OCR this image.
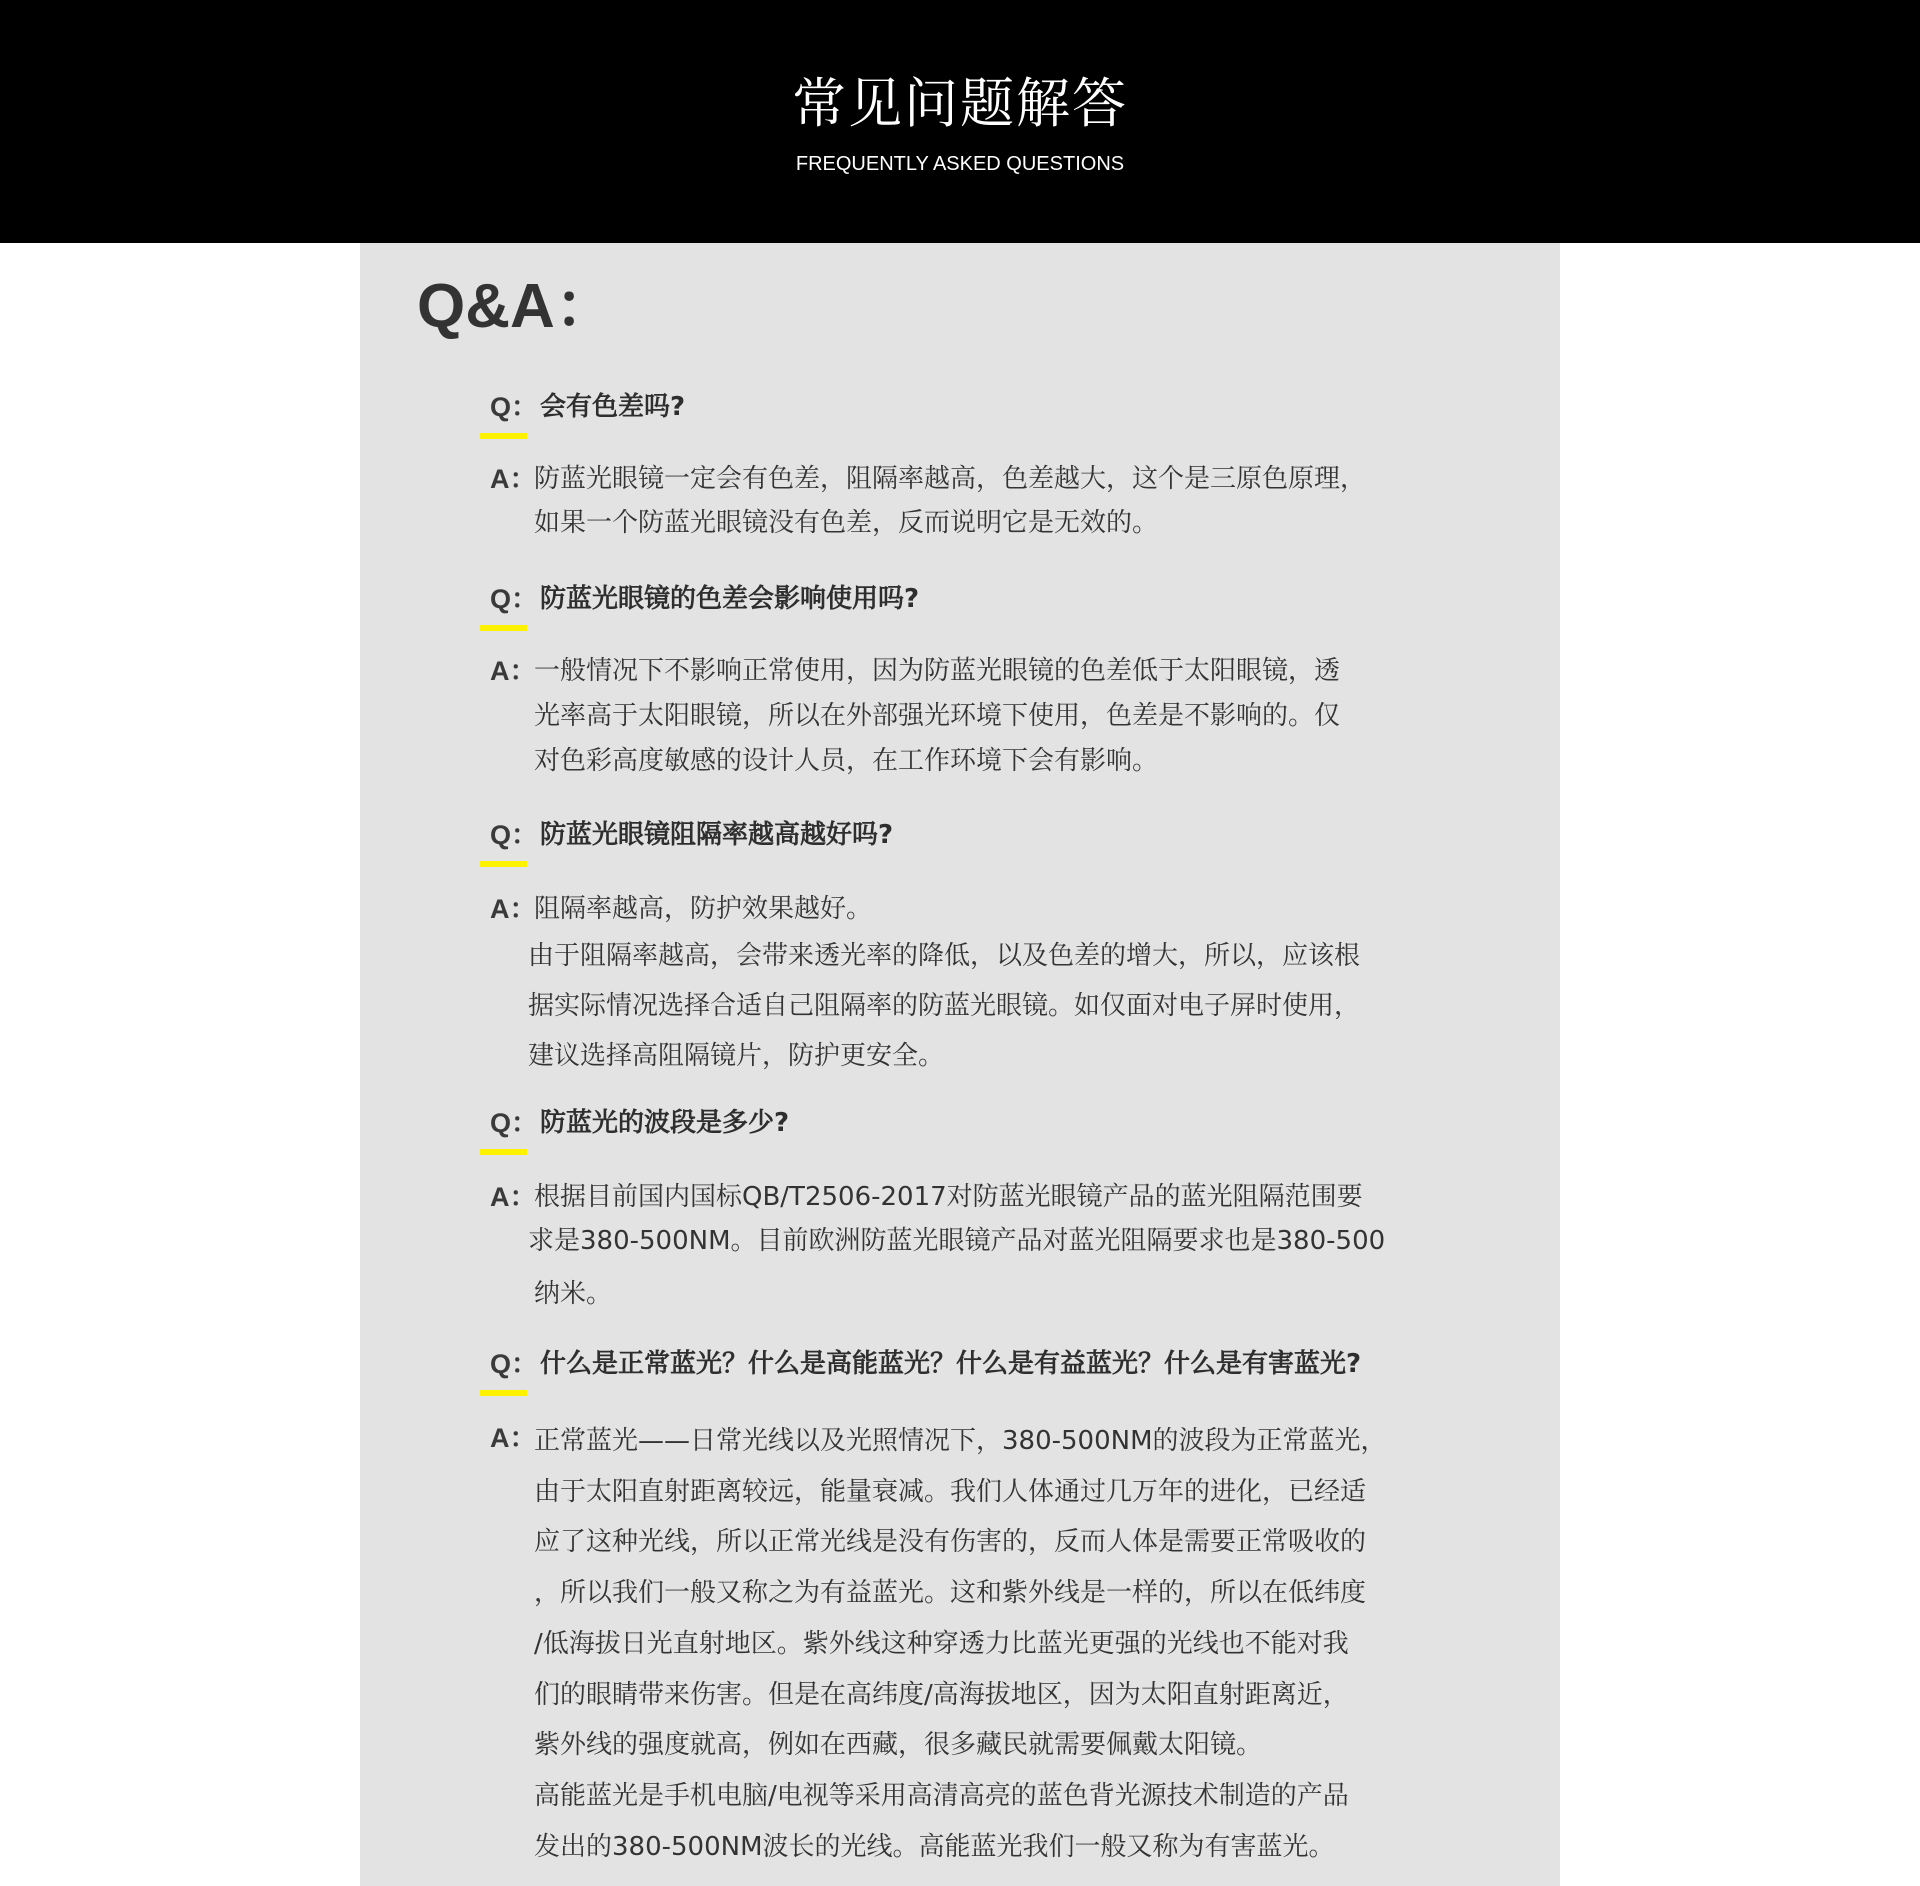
常见问题解答
FREQUENTLY ASKED QUESTIONS
Q&A：
Q： 会有色差吗?
A：
防蓝光眼镜一定会有色差，阻隔率越高，色差越大，这个是三原色原理，
如果一个防蓝光眼镜没有色差，反而说明它是无效的。
Q： 防蓝光眼镜的色差会影响使用吗?
A：
一般情况下不影响正常使用，因为防蓝光眼镜的色差低于太阳眼镜，透
光率高于太阳眼镜，所以在外部强光环境下使用，色差是不影响的。仅
对色彩高度敏感的设计人员，在工作环境下会有影响。
Q： 防蓝光眼镜阻隔率越高越好吗?
A：
阻隔率越高，防护效果越好。
由于阻隔率越高，会带来透光率的降低，以及色差的增大，所以，应该根
据实际情况选择合适自己阻隔率的防蓝光眼镜。如仅面对电子屏时使用，
建议选择高阻隔镜片，防护更安全。
Q： 防蓝光的波段是多少?
A：
根据目前国内国标QB/T2506-2017对防蓝光眼镜产品的蓝光阻隔范围要
求是380-500NM。目前欧洲防蓝光眼镜产品对蓝光阻隔要求也是380-500
纳米。
Q： 什么是正常蓝光？什么是高能蓝光？什么是有益蓝光？什么是有害蓝光?
A：
正常蓝光——日常光线以及光照情况下，380-500NM的波段为正常蓝光，
由于太阳直射距离较远，能量衰减。我们人体通过几万年的进化，已经适
应了这种光线，所以正常光线是没有伤害的，反而人体是需要正常吸收的
，所以我们一般又称之为有益蓝光。这和紫外线是一样的，所以在低纬度
/低海拔日光直射地区。紫外线这种穿透力比蓝光更强的光线也不能对我
们的眼睛带来伤害。但是在高纬度/高海拔地区，因为太阳直射距离近，
紫外线的强度就高，例如在西藏，很多藏民就需要佩戴太阳镜。
高能蓝光是手机电脑/电视等采用高清高亮的蓝色背光源技术制造的产品
发出的380-500NM波长的光线。高能蓝光我们一般又称为有害蓝光。
